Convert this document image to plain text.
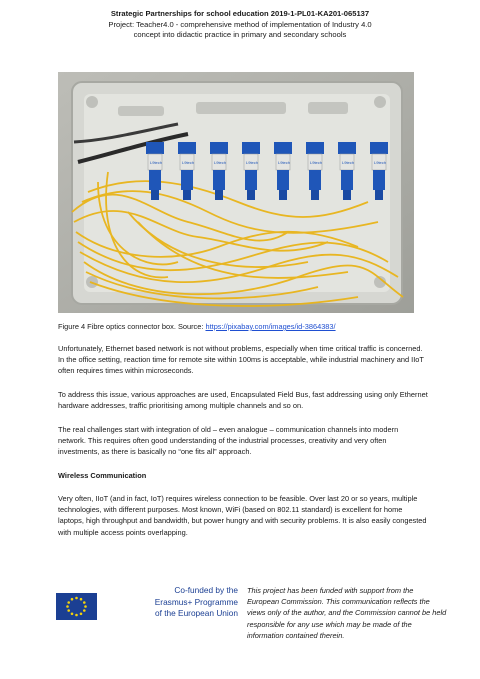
Strategic Partnerships for school education 2019-1-PL01-KA201-065137
Project: Teacher4.0 - comprehensive method of implementation of Industry 4.0
concept into didactic practice in primary and secondary schools
L9tech	L9tech	L9tech	L9tech	L9tech	L9tech	L9tech	L9tech
Figure 4 Fibre optics connector box. Source: https://pixabay.com/images/id-3864383/

Unfortunately, Ethernet based network is not without problems, especially when time critical traffic is concerned. In the office setting, reaction time for remote site within 100ms is acceptable, while industrial machinery and IIoT often requires times within microseconds.

To address this issue, various approaches are used, Encapsulated Field Bus, fast addressing using only Ethernet hardware addresses, traffic prioritising among multiple channels and so on.

The real challenges start with integration of old – even analogue – communication channels into modern network. This requires often good understanding of the industrial processes, creativity and very often investments, as there is basically no “one fits all” approach.

Wireless Communication

Very often, IIoT (and in fact, IoT) requires wireless connection to be feasible. Over last 20 or so years, multiple technologies, with different purposes. Most known, WiFi (based on 802.11 standard) is excellent for home laptops, high throughput and bandwidth, but power hungry and with security problems. It is also easily congested with multiple access points overlapping.

Co-funded by the
Erasmus+ Programme
of the European Union
This project has been funded with support from the European Commission. This communication reflects the views only of the author, and the Commission cannot be held responsible for any use which may be made of the information contained therein.
